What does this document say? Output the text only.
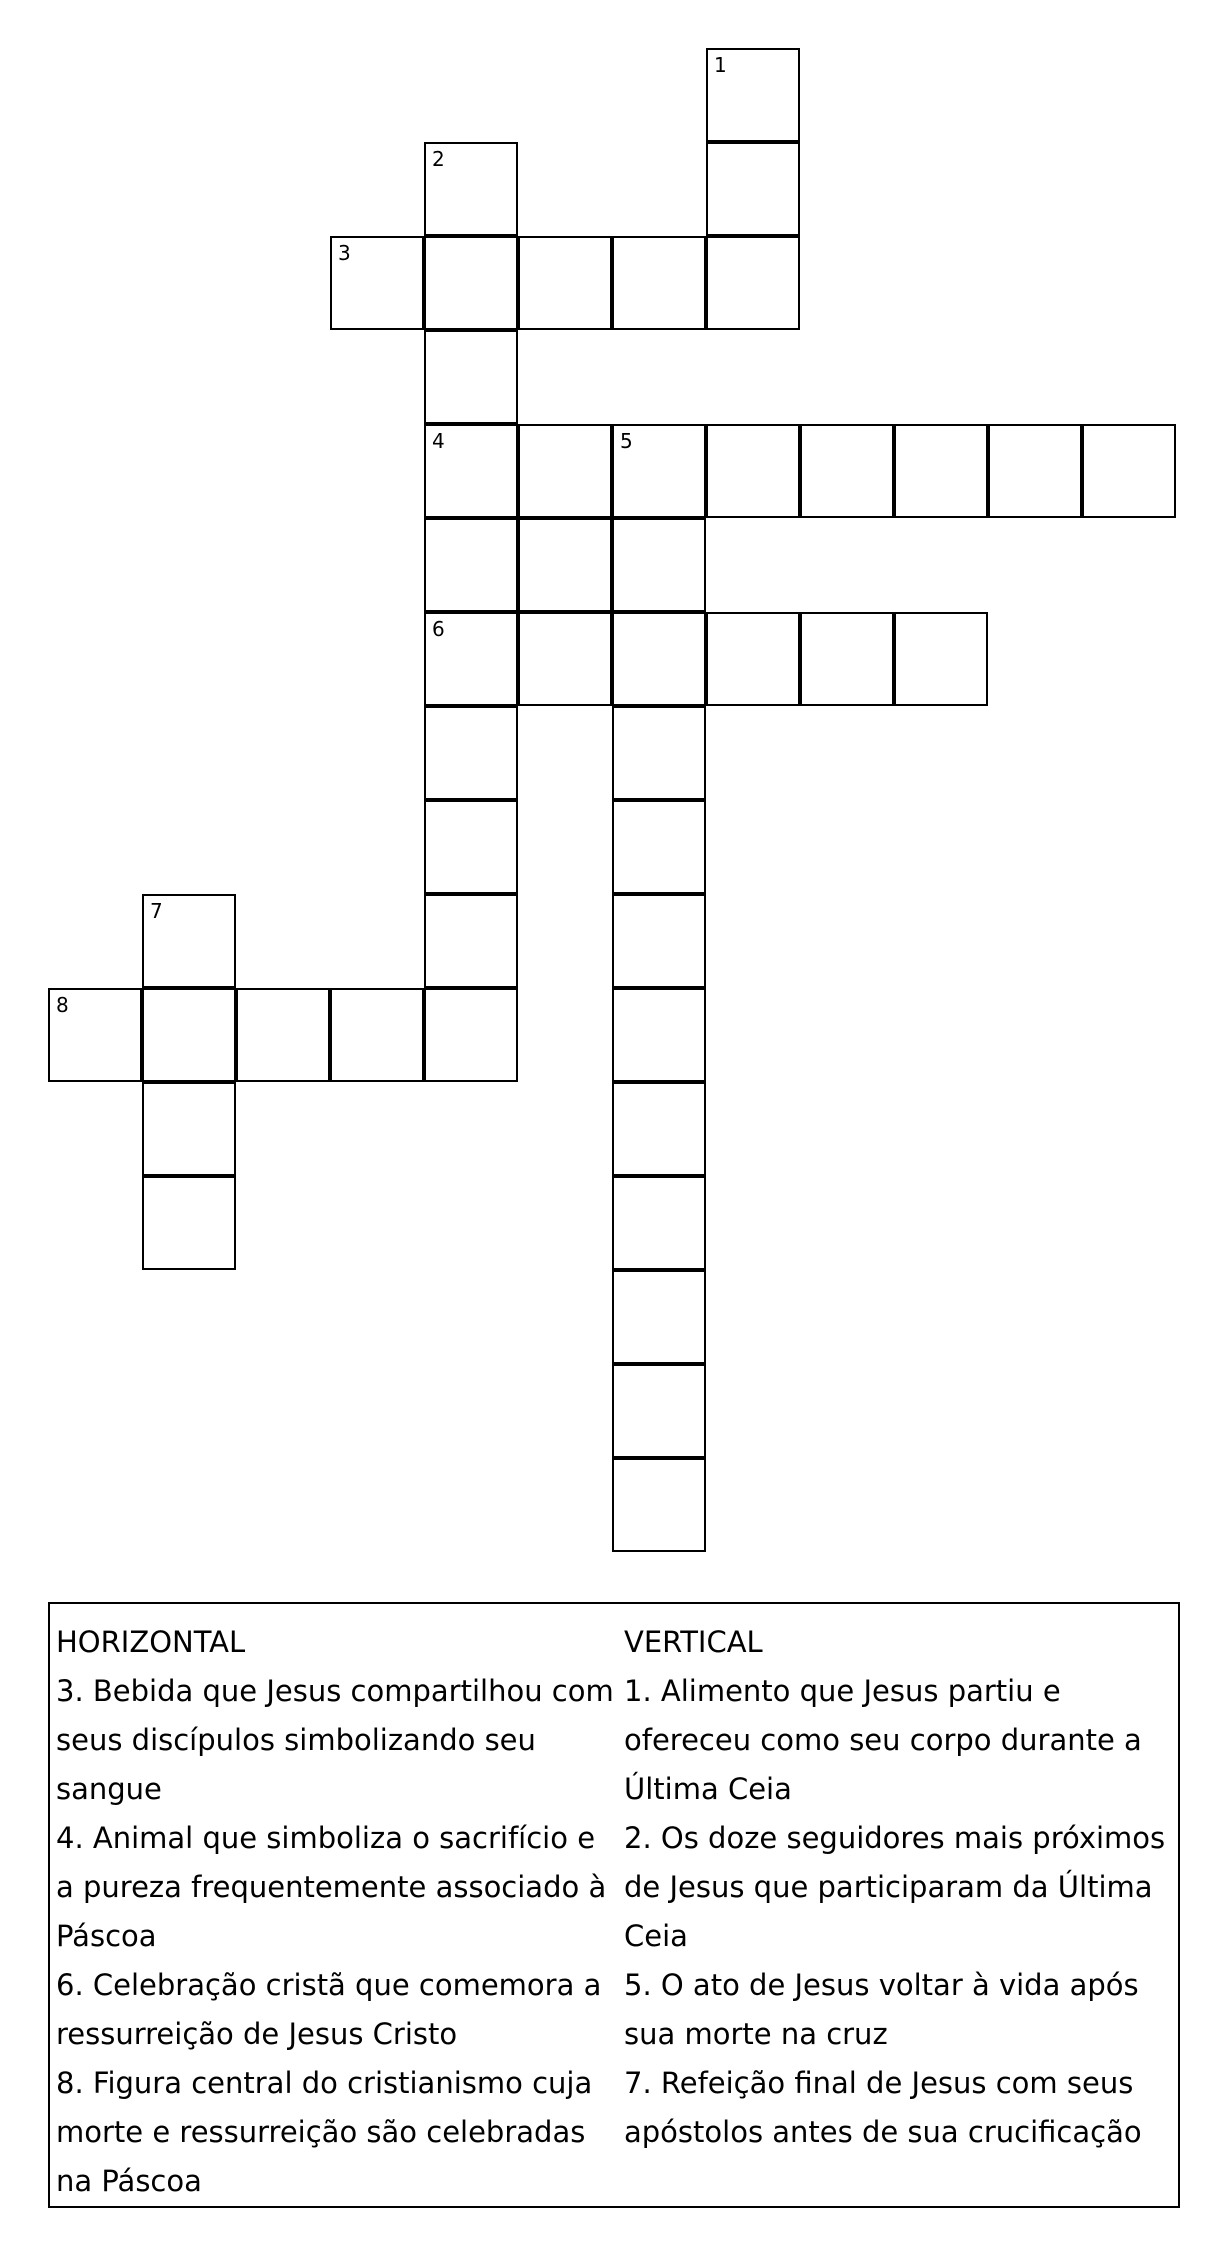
1
2
3
4	5
6
7
8
HORIZONTAL
3. Bebida que Jesus compartilhou com seus discípulos simbolizando seu sangue
4. Animal que simboliza o sacrifício e a pureza frequentemente associado à Páscoa
6. Celebração cristã que comemora a ressurreição de Jesus Cristo
8. Figura central do cristianismo cuja morte e ressurreição são celebradas na Páscoa
VERTICAL
1. Alimento que Jesus partiu e ofereceu como seu corpo durante a Última Ceia
2. Os doze seguidores mais próximos de Jesus que participaram da Última Ceia
5. O ato de Jesus voltar à vida após sua morte na cruz
7. Refeição final de Jesus com seus apóstolos antes de sua crucificação
